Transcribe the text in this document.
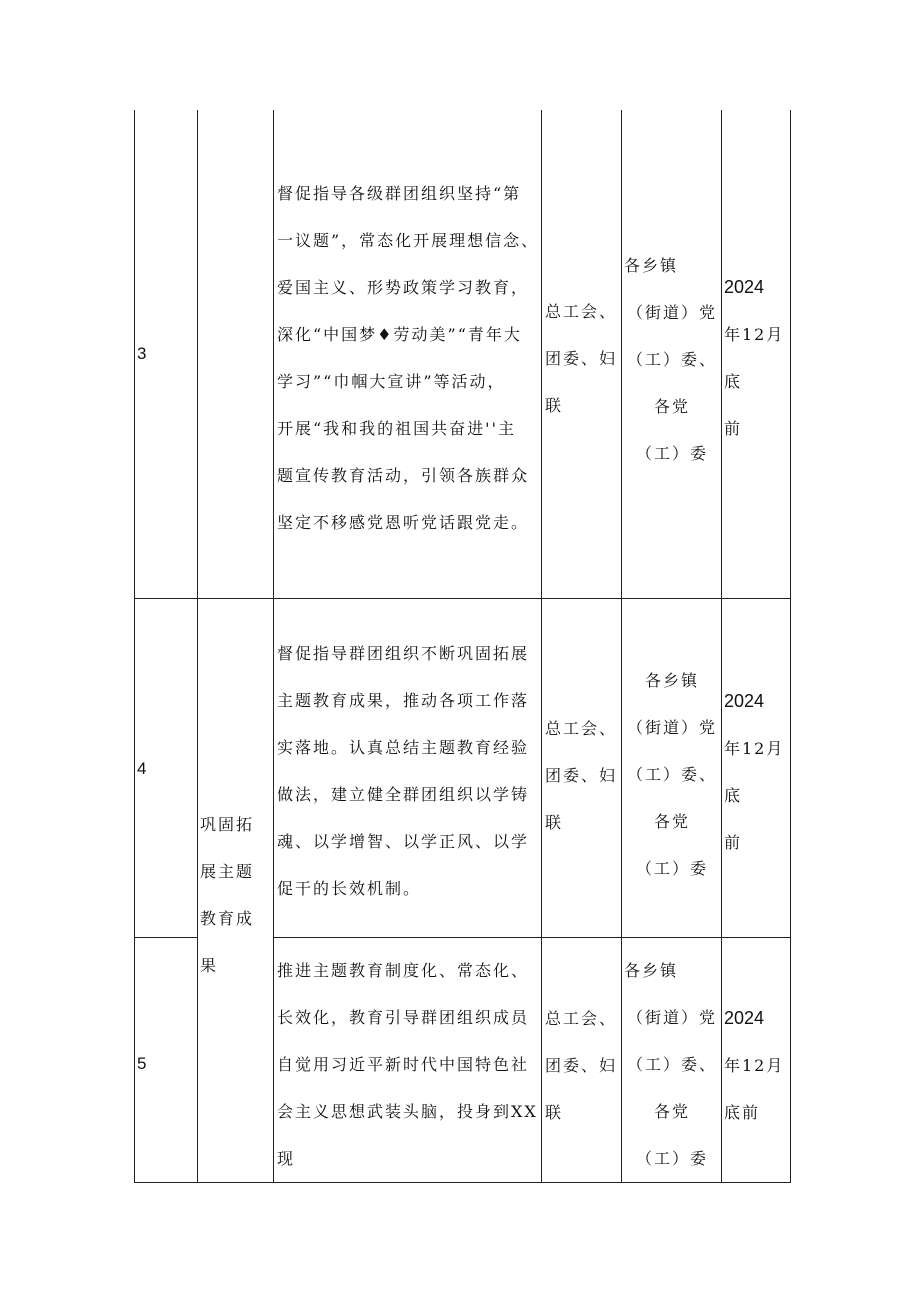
3

督促指导各级群团组织坚持“第

一议题”，常态化开展理想信念、

爱国主义、形势政策学习教育，

深化“中国梦♦劳动美”“青年大

学习”“巾帼大宣讲”等活动，

开展“我和我的祖国共奋进''主

题宣传教育活动，引领各族群众

坚定不移感党恩听党话跟党走。

总工会、

团委、妇

联

各乡镇

（街道）党

（工）委、

各党

（工）委

2024

年12月

底

前

4

巩固拓

展主题

教育成

果

督促指导群团组织不断巩固拓展

主题教育成果，推动各项工作落

实落地。认真总结主题教育经验

做法，建立健全群团组织以学铸

魂、以学增智、以学正风、以学

促干的长效机制。

总工会、

团委、妇

联

各乡镇

（街道）党

（工）委、

各党

（工）委

2024

年12月

底

前

5

推进主题教育制度化、常态化、

长效化，教育引导群团组织成员

自觉用习近平新时代中国特色社

会主义思想武装头脑，投身到XX

现

总工会、

团委、妇

联

各乡镇

（街道）党

（工）委、

各党

（工）委

2024

年12月

底前
